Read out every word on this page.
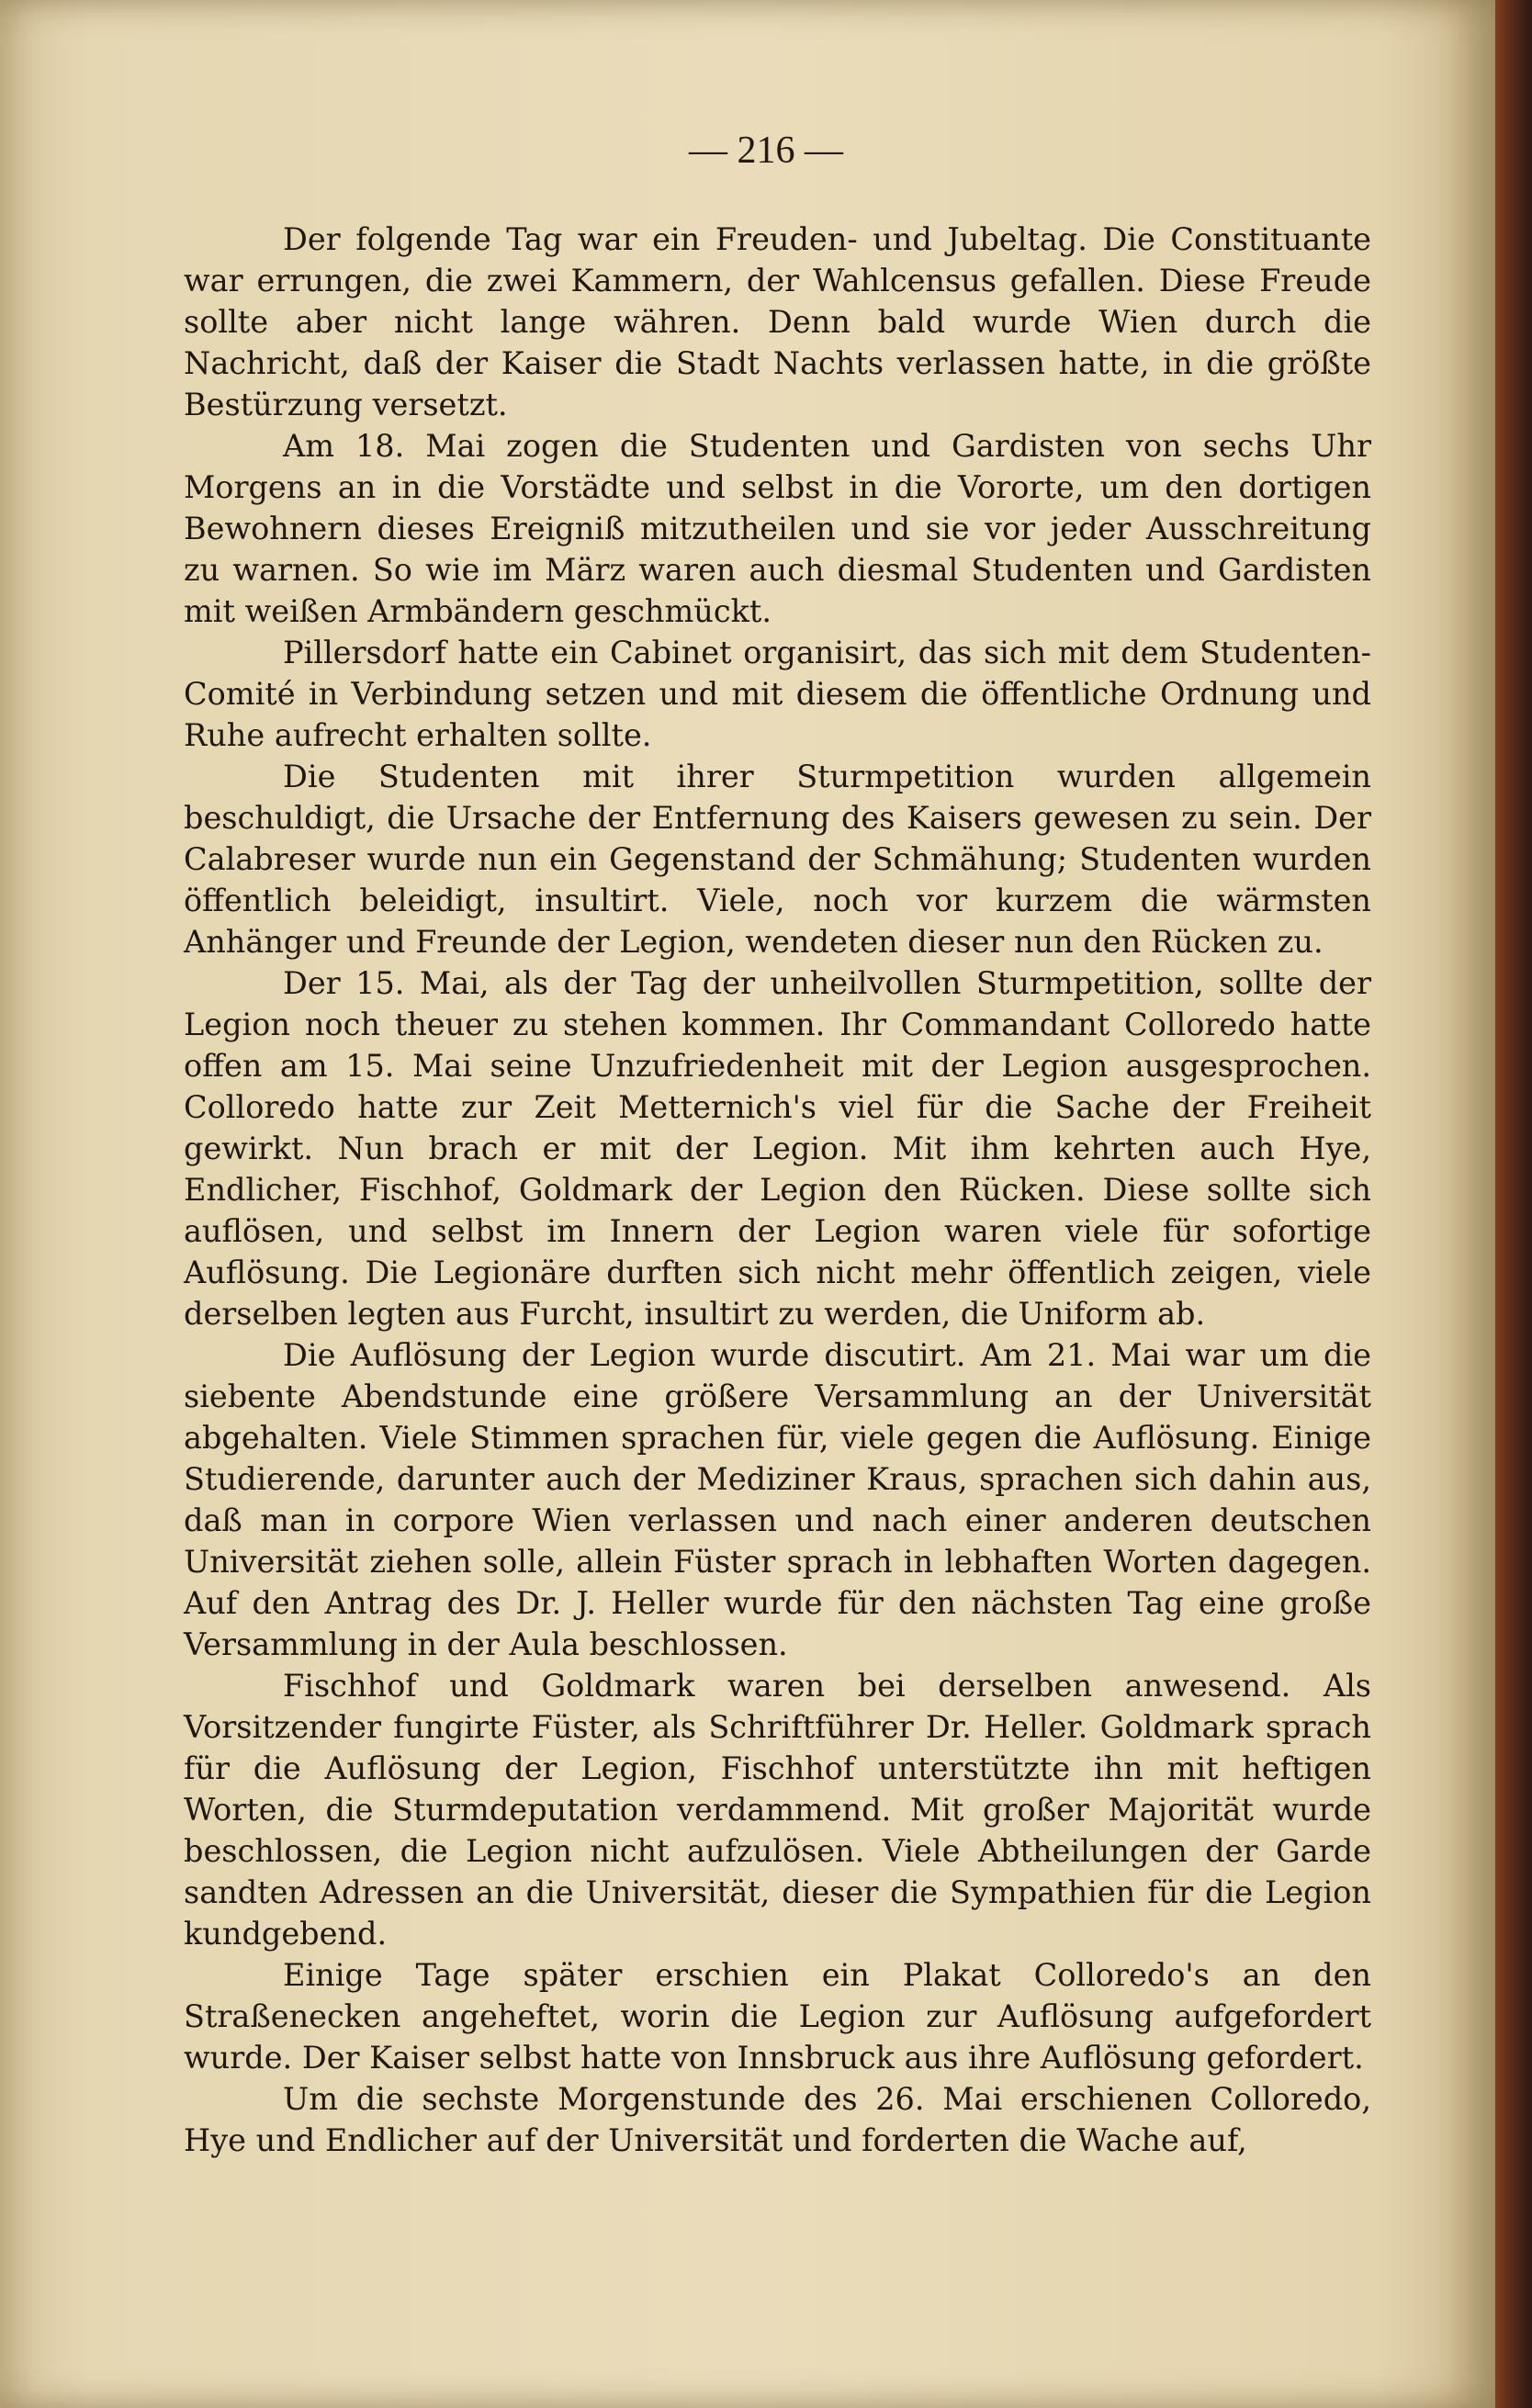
— 216 —

Der folgende Tag war ein Freuden- und Jubeltag. Die Constituante war errungen, die zwei Kammern, der Wahlcensus gefallen. Diese Freude sollte aber nicht lange währen. Denn bald wurde Wien durch die Nachricht, daß der Kaiser die Stadt Nachts verlassen hatte, in die größte Bestürzung versetzt.

Am 18. Mai zogen die Studenten und Gardisten von sechs Uhr Morgens an in die Vorstädte und selbst in die Vororte, um den dortigen Bewohnern dieses Ereigniß mitzutheilen und sie vor jeder Ausschreitung zu warnen. So wie im März waren auch diesmal Studenten und Gardisten mit weißen Armbändern geschmückt.

Pillersdorf hatte ein Cabinet organisirt, das sich mit dem Studenten-Comité in Verbindung setzen und mit diesem die öffentliche Ordnung und Ruhe aufrecht erhalten sollte.

Die Studenten mit ihrer Sturmpetition wurden allgemein beschuldigt, die Ursache der Entfernung des Kaisers gewesen zu sein. Der Calabreser wurde nun ein Gegenstand der Schmähung; Studenten wurden öffentlich beleidigt, insultirt. Viele, noch vor kurzem die wärmsten Anhänger und Freunde der Legion, wendeten dieser nun den Rücken zu.

Der 15. Mai, als der Tag der unheilvollen Sturmpetition, sollte der Legion noch theuer zu stehen kommen. Ihr Commandant Colloredo hatte offen am 15. Mai seine Unzufriedenheit mit der Legion ausgesprochen. Colloredo hatte zur Zeit Metternich's viel für die Sache der Freiheit gewirkt. Nun brach er mit der Legion. Mit ihm kehrten auch Hye, Endlicher, Fischhof, Goldmark der Legion den Rücken. Diese sollte sich auflösen, und selbst im Innern der Legion waren viele für sofortige Auflösung. Die Legionäre durften sich nicht mehr öffentlich zeigen, viele derselben legten aus Furcht, insultirt zu werden, die Uniform ab.

Die Auflösung der Legion wurde discutirt. Am 21. Mai war um die siebente Abendstunde eine größere Versammlung an der Universität abgehalten. Viele Stimmen sprachen für, viele gegen die Auflösung. Einige Studierende, darunter auch der Mediziner Kraus, sprachen sich dahin aus, daß man in corpore Wien verlassen und nach einer anderen deutschen Universität ziehen solle, allein Füster sprach in lebhaften Worten dagegen. Auf den Antrag des Dr. J. Heller wurde für den nächsten Tag eine große Versammlung in der Aula beschlossen.

Fischhof und Goldmark waren bei derselben anwesend. Als Vorsitzender fungirte Füster, als Schriftführer Dr. Heller. Goldmark sprach für die Auflösung der Legion, Fischhof unterstützte ihn mit heftigen Worten, die Sturmdeputation verdammend. Mit großer Majorität wurde beschlossen, die Legion nicht aufzulösen. Viele Abtheilungen der Garde sandten Adressen an die Universität, dieser die Sympathien für die Legion kundgebend.

Einige Tage später erschien ein Plakat Colloredo's an den Straßenecken angeheftet, worin die Legion zur Auflösung aufgefordert wurde. Der Kaiser selbst hatte von Innsbruck aus ihre Auflösung gefordert.

Um die sechste Morgenstunde des 26. Mai erschienen Colloredo, Hye und Endlicher auf der Universität und forderten die Wache auf,
